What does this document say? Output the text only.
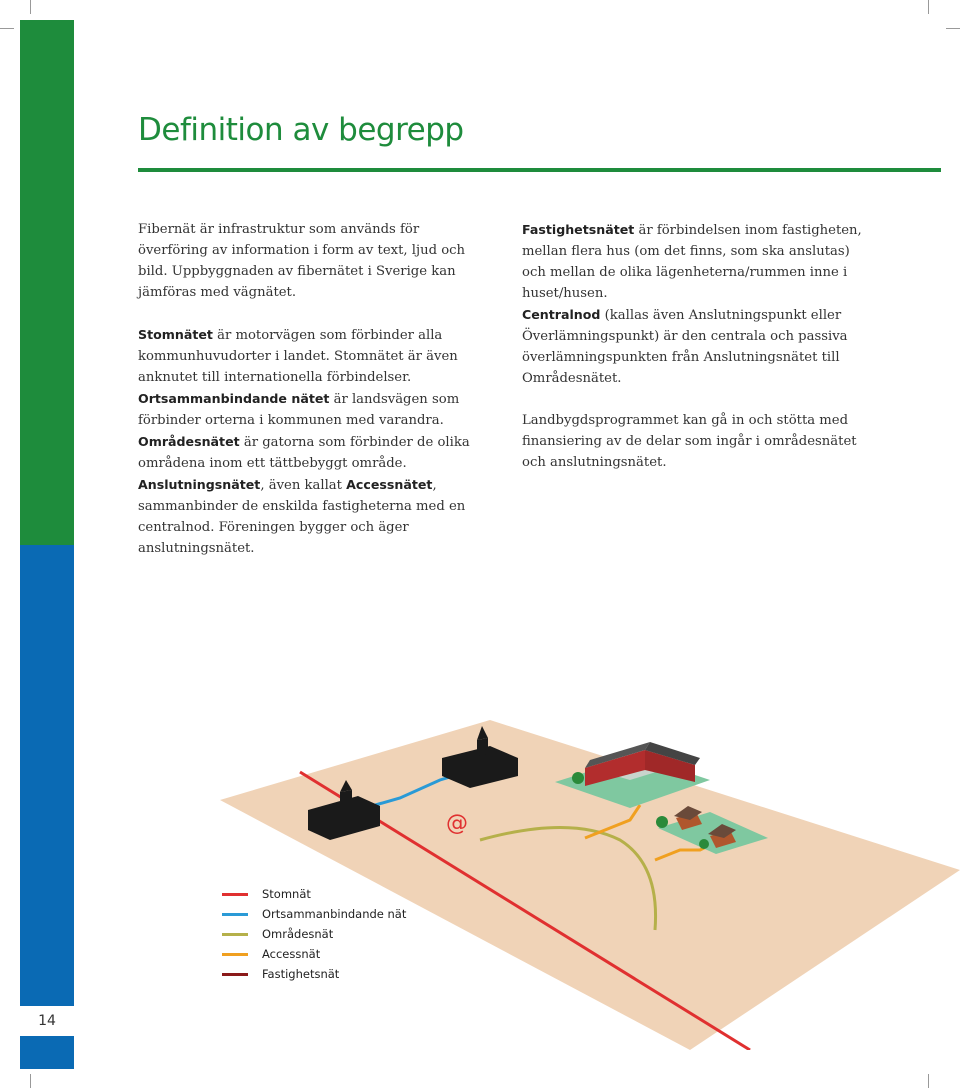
14
Definition av begrepp

Fibernät är infrastruktur som används för överföring av information i form av text, ljud och bild. Uppbyggnaden av fibernätet i Sverige kan jämföras med vägnätet.

Stomnätet är motorvägen som förbinder alla kommunhuvudorter i landet. Stomnätet är även anknutet till internationella förbindelser.

Ortsammanbindande nätet är landsvägen som förbinder orterna i kommunen med varandra.

Områdesnätet är gatorna som förbinder de olika områdena inom ett tättbebyggt område.

Anslutningsnätet, även kallat Accessnätet, sammanbinder de enskilda fastigheterna med en centralnod. Föreningen bygger och äger anslutningsnätet.

Fastighetsnätet är förbindelsen inom fastigheten, mellan flera hus (om det finns, som ska anslutas) och mellan de olika lägenheterna/rummen inne i huset/husen.

Centralnod (kallas även Anslutningspunkt eller Överlämningspunkt) är den centrala och passiva överlämningspunkten från Anslutningsnätet till Områdesnätet.

Landbygdsprogrammet kan gå in och stötta med finansiering av de delar som ingår i områdesnätet och anslutningsnätet.

@
Stomnät
Ortsammanbindande nät
Områdesnät
Accessnät
Fastighetsnät
